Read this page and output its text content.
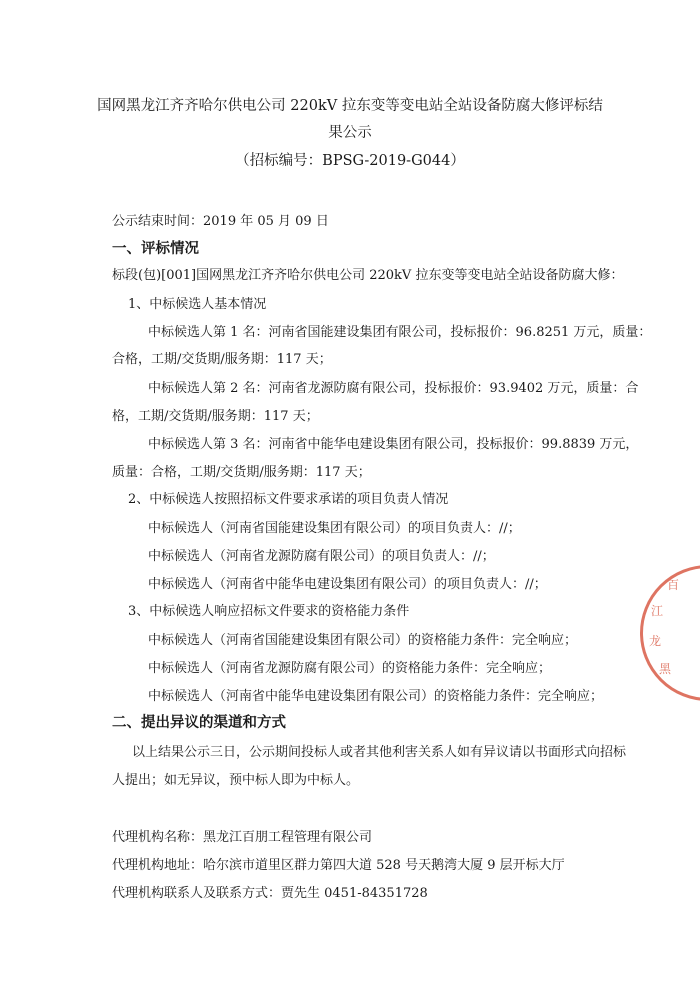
国网黑龙江齐齐哈尔供电公司 220kV 拉东变等变电站全站设备防腐大修评标结
果公示
（招标编号：BPSG-2019-G044）
公示结束时间：2019 年 05 月 09 日
一、评标情况
标段(包)[001]国网黑龙江齐齐哈尔供电公司 220kV 拉东变等变电站全站设备防腐大修：
1、中标候选人基本情况
中标候选人第 1 名：河南省国能建设集团有限公司，投标报价：96.8251 万元，质量：
合格，工期/交货期/服务期：117 天；
中标候选人第 2 名：河南省龙源防腐有限公司，投标报价：93.9402 万元，质量：合
格，工期/交货期/服务期：117 天；
中标候选人第 3 名：河南省中能华电建设集团有限公司，投标报价：99.8839 万元，
质量：合格，工期/交货期/服务期：117 天；
2、中标候选人按照招标文件要求承诺的项目负责人情况
中标候选人（河南省国能建设集团有限公司）的项目负责人：//；
中标候选人（河南省龙源防腐有限公司）的项目负责人：//；
中标候选人（河南省中能华电建设集团有限公司）的项目负责人：//；
3、中标候选人响应招标文件要求的资格能力条件
中标候选人（河南省国能建设集团有限公司）的资格能力条件：完全响应；
中标候选人（河南省龙源防腐有限公司）的资格能力条件：完全响应；
中标候选人（河南省中能华电建设集团有限公司）的资格能力条件：完全响应；
二、提出异议的渠道和方式
以上结果公示三日，公示期间投标人或者其他利害关系人如有异议请以书面形式向招标
人提出；如无异议，预中标人即为中标人。
代理机构名称：黑龙江百朋工程管理有限公司
代理机构地址：哈尔滨市道里区群力第四大道 528 号天鹅湾大厦 9 层开标大厅
代理机构联系人及联系方式：贾先生 0451-84351728
江
百
龙
黑
